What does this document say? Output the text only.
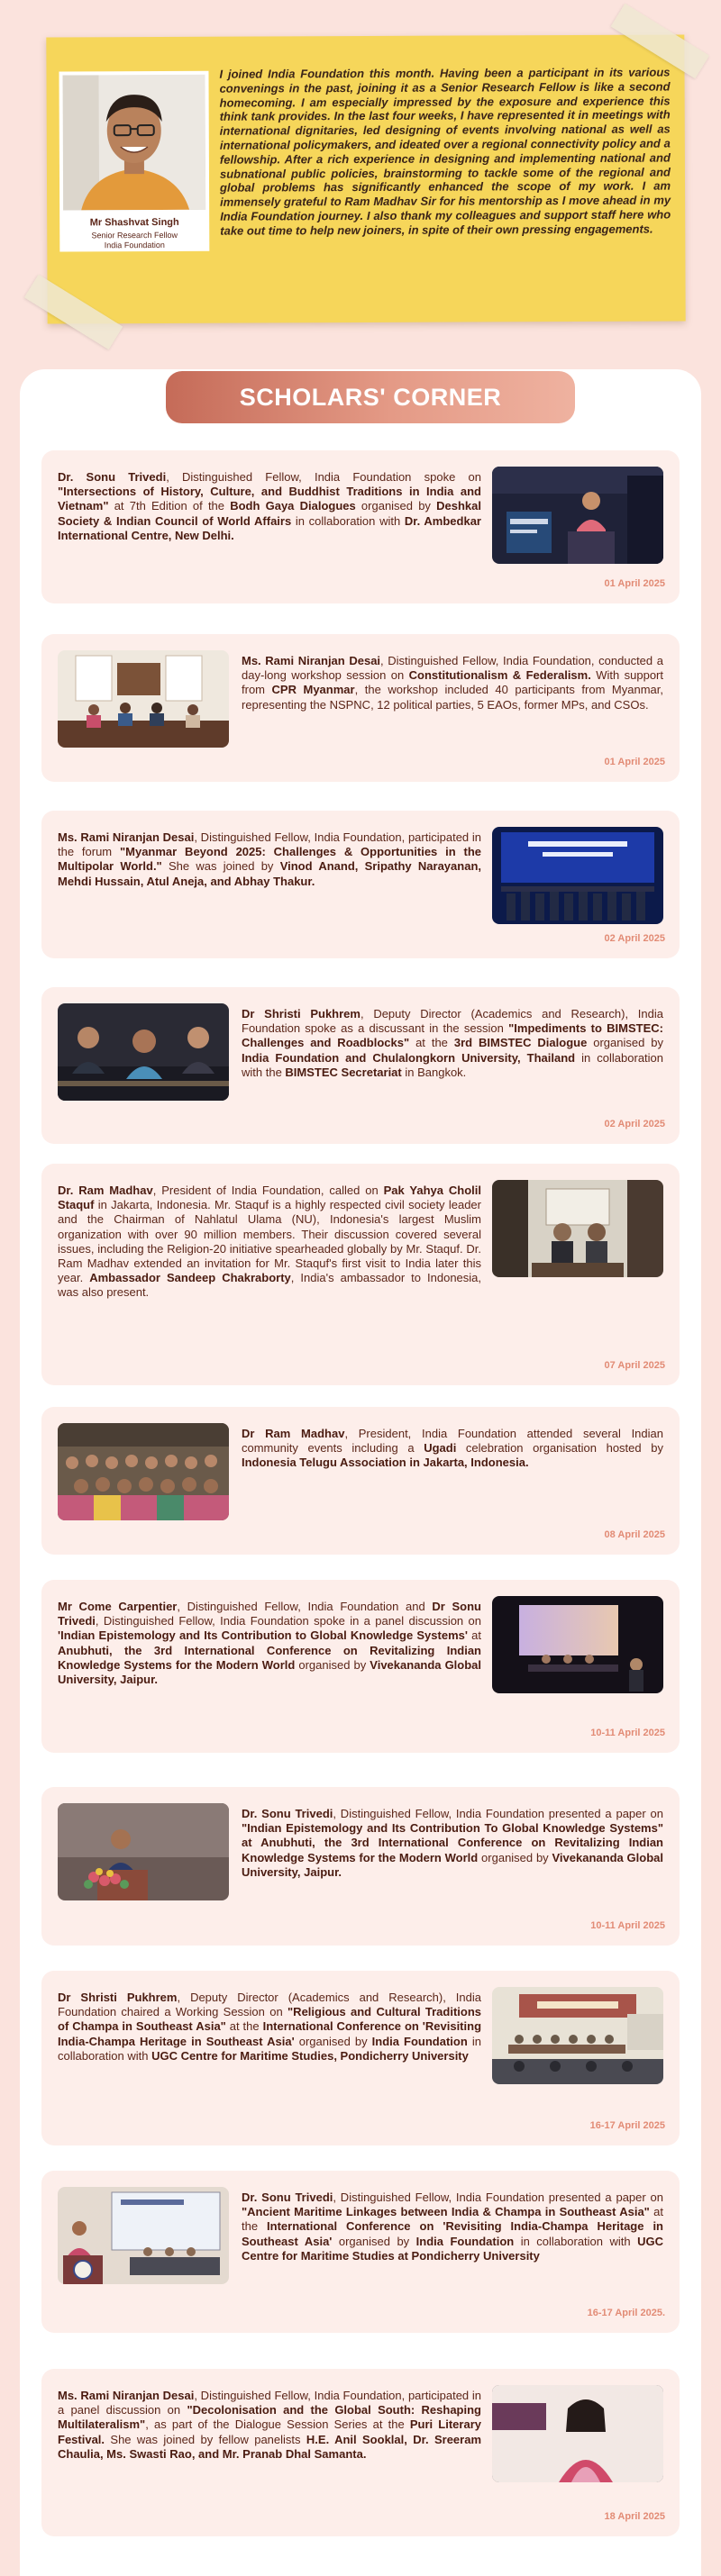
Mr Shashvat Singh
Senior Research Fellow
India Foundation

I joined India Foundation this month. Having been a participant in its various convenings in the past, joining it as a Senior Research Fellow is like a second homecoming. I am especially impressed by the exposure and experience this think tank provides. In the last four weeks, I have represented it in meetings with international dignitaries, led designing of events involving national as well as international policymakers, and ideated over a regional connectivity policy and a fellowship. After a rich experience in designing and implementing national and subnational public policies, brainstorming to tackle some of the regional and global problems has significantly enhanced the scope of my work. I am immensely grateful to Ram Madhav Sir for his mentorship as I move ahead in my India Foundation journey. I also thank my colleagues and support staff here who take out time to help new joiners, in spite of their own pressing engagements.

SCHOLARS' CORNER
Dr. Sonu Trivedi, Distinguished Fellow, India Foundation spoke on "Intersections of History, Culture, and Buddhist Traditions in India and Vietnam" at 7th Edition of the Bodh Gaya Dialogues organised by Deshkal Society & Indian Council of World Affairs in collaboration with Dr. Ambedkar International Centre, New Delhi.
01 April 2025
Ms. Rami Niranjan Desai, Distinguished Fellow, India Foundation, conducted a day-long workshop session on Constitutionalism & Federalism. With support from CPR Myanmar, the workshop included 40 participants from Myanmar, representing the NSPNC, 12 political parties, 5 EAOs, former MPs, and CSOs.
01 April 2025
Ms. Rami Niranjan Desai, Distinguished Fellow, India Foundation, participated in the forum "Myanmar Beyond 2025: Challenges & Opportunities in the Multipolar World." She was joined by Vinod Anand, Sripathy Narayanan, Mehdi Hussain, Atul Aneja, and Abhay Thakur.
02 April 2025
Dr Shristi Pukhrem, Deputy Director (Academics and Research), India Foundation spoke as a discussant in the session "Impediments to BIMSTEC: Challenges and Roadblocks" at the 3rd BIMSTEC Dialogue organised by India Foundation and Chulalongkorn University, Thailand in collaboration with the BIMSTEC Secretariat in Bangkok.
02 April 2025
Dr. Ram Madhav, President of India Foundation, called on Pak Yahya Cholil Staquf in Jakarta, Indonesia. Mr. Staquf is a highly respected civil society leader and the Chairman of Nahlatul Ulama (NU), Indonesia's largest Muslim organization with over 90 million members. Their discussion covered several issues, including the Religion-20 initiative spearheaded globally by Mr. Staquf. Dr. Ram Madhav extended an invitation for Mr. Staquf's first visit to India later this year. Ambassador Sandeep Chakraborty, India's ambassador to Indonesia, was also present.
07 April 2025
Dr Ram Madhav, President, India Foundation attended several Indian community events including a Ugadi celebration organisation hosted by Indonesia Telugu Association in Jakarta, Indonesia.
08 April 2025
Mr Come Carpentier, Distinguished Fellow, India Foundation and Dr Sonu Trivedi, Distinguished Fellow, India Foundation spoke in a panel discussion on 'Indian Epistemology and Its Contribution to Global Knowledge Systems' at Anubhuti, the 3rd International Conference on Revitalizing Indian Knowledge Systems for the Modern World organised by Vivekananda Global University, Jaipur.
10-11 April 2025
Dr. Sonu Trivedi, Distinguished Fellow, India Foundation presented a paper on "Indian Epistemology and Its Contribution To Global Knowledge Systems" at Anubhuti, the 3rd International Conference on Revitalizing Indian Knowledge Systems for the Modern World organised by Vivekananda Global University, Jaipur.
10-11 April 2025
Dr Shristi Pukhrem, Deputy Director (Academics and Research), India Foundation chaired a Working Session on "Religious and Cultural Traditions of Champa in Southeast Asia" at the International Conference on 'Revisiting India-Champa Heritage in Southeast Asia' organised by India Foundation in collaboration with UGC Centre for Maritime Studies, Pondicherry University
16-17 April 2025
Dr. Sonu Trivedi, Distinguished Fellow, India Foundation presented a paper on "Ancient Maritime Linkages between India & Champa in Southeast Asia" at the International Conference on 'Revisiting India-Champa Heritage in Southeast Asia' organised by India Foundation in collaboration with UGC Centre for Maritime Studies at Pondicherry University
16-17 April 2025.
Ms. Rami Niranjan Desai, Distinguished Fellow, India Foundation, participated in a panel discussion on "Decolonisation and the Global South: Reshaping Multilateralism", as part of the Dialogue Session Series at the Puri Literary Festival. She was joined by fellow panelists H.E. Anil Sooklal, Dr. Sreeram Chaulia, Ms. Swasti Rao, and Mr. Pranab Dhal Samanta.
18 April 2025
